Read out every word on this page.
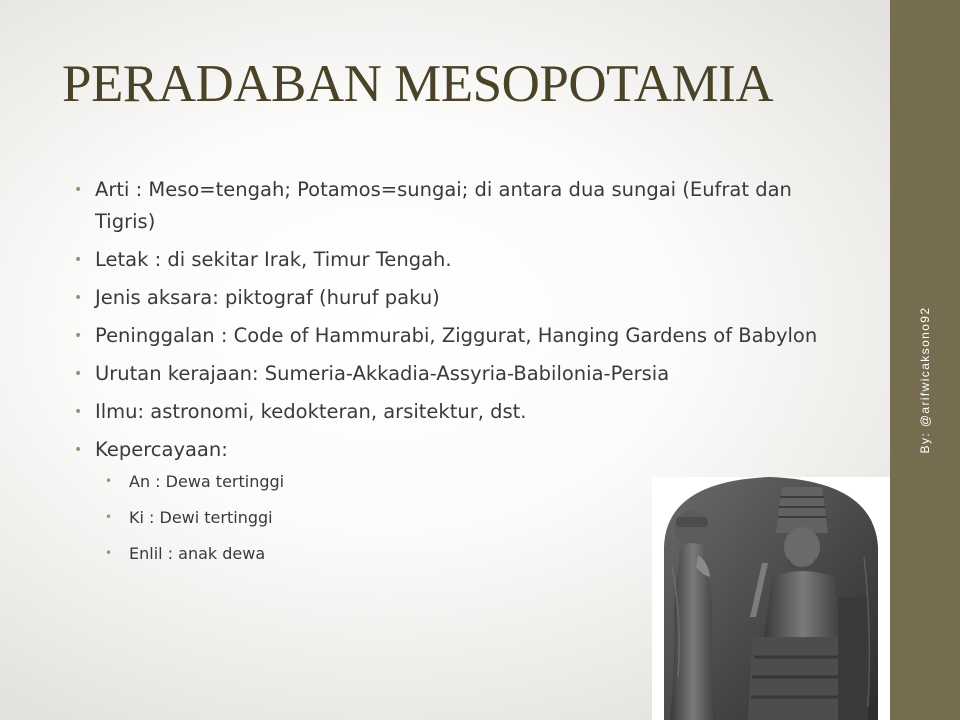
By: @arifwicaksono92
PERADABAN MESOPOTAMIA
• Arti : Meso=tengah; Potamos=sungai; di antara dua sungai (Eufrat dan Tigris)
• Letak : di sekitar Irak, Timur Tengah.
• Jenis aksara: piktograf (huruf paku)
• Peninggalan : Code of Hammurabi, Ziggurat, Hanging Gardens of Babylon
• Urutan kerajaan: Sumeria-Akkadia-Assyria-Babilonia-Persia
• Ilmu: astronomi, kedokteran, arsitektur, dst.
• Kepercayaan:
• An : Dewa tertinggi
• Ki : Dewi tertinggi
• Enlil : anak dewa
